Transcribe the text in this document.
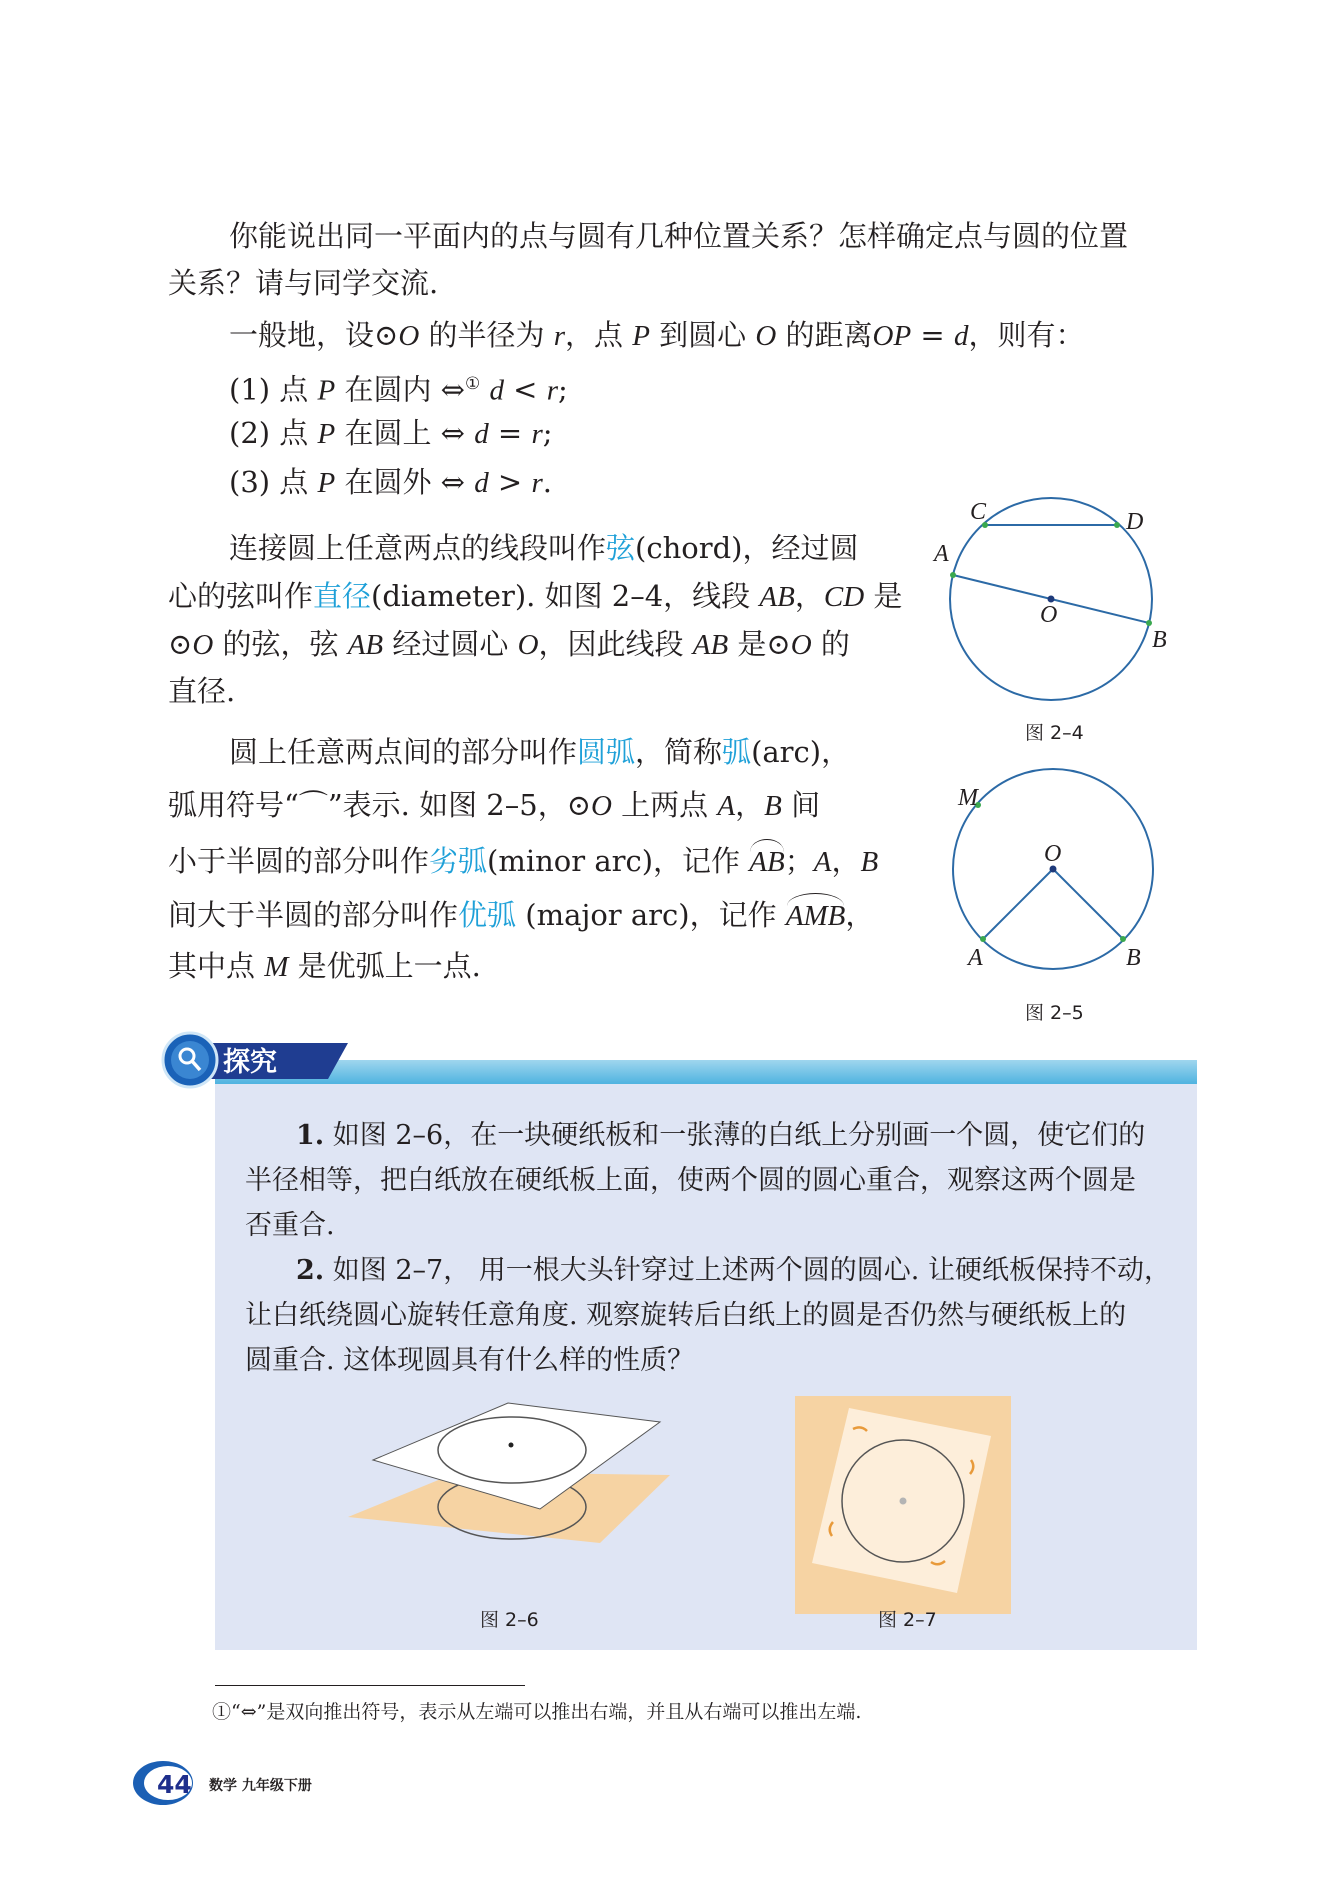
你能说出同一平面内的点与圆有几种位置关系？怎样确定点与圆的位置
关系？请与同学交流.
一般地，设⊙O 的半径为 r，点 P 到圆心 O 的距离OP = d，则有：
(1) 点 P 在圆内 ⇔① d < r;
(2) 点 P 在圆上 ⇔ d = r;
(3) 点 P 在圆外 ⇔ d > r.
连接圆上任意两点的线段叫作弦(chord)，经过圆
心的弦叫作直径(diameter). 如图 2–4，线段 AB，CD 是
⊙O 的弦，弦 AB 经过圆心 O，因此线段 AB 是⊙O 的
直径.
圆上任意两点间的部分叫作圆弧，简称弧(arc)，
弧用符号“⌒”表示. 如图 2–5，⊙O 上两点 A，B 间
小于半圆的部分叫作劣弧(minor arc)，记作 AB；A，B
间大于半圆的部分叫作优弧 (major arc)，记作 AMB，
其中点 M 是优弧上一点.
C	D
A
O
B
图 2–4
M
O
A	B
图 2–5
探究
1. 如图 2–6，在一块硬纸板和一张薄的白纸上分别画一个圆，使它们的
半径相等，把白纸放在硬纸板上面，使两个圆的圆心重合，观察这两个圆是
否重合.
2. 如图 2–7， 用一根大头针穿过上述两个圆的圆心. 让硬纸板保持不动，
让白纸绕圆心旋转任意角度. 观察旋转后白纸上的圆是否仍然与硬纸板上的
圆重合. 这体现圆具有什么样的性质？
图 2–6	图 2–7
①“⇔”是双向推出符号，表示从左端可以推出右端，并且从右端可以推出左端.
44 数学 九年级下册
